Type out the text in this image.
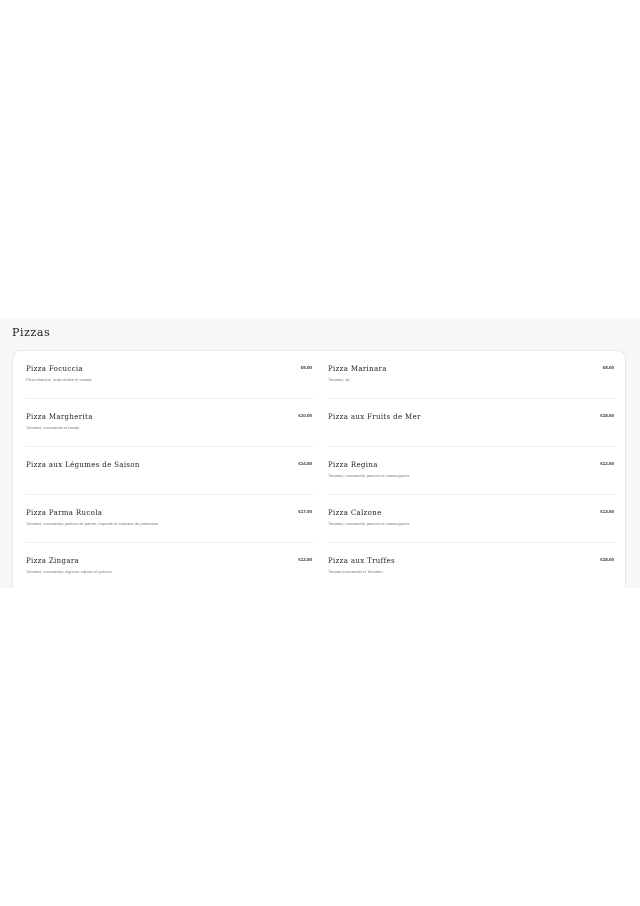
Pizzas
Pizza Focuccia
Pizza blanche, huile d'olive et tomate
€6.00 Pizza Marinara
Tomates, ail
€8.00
Pizza Margherita
Tomates, mozzarella et basilic
€10.00 Pizza aux Fruits de Mer	€18.50
Pizza aux Légumes de Saison	€14.50 Pizza Regina
Tomates, mozzarella, jambon et champignons
€12.50
Pizza Parma Rucola
Tomates, mozzarella, jambon de parme, roquette et copeaux de parmesan
€17.00 Pizza Calzone
Tomates, mozzarella, jambon et champignons
€13.50
Pizza Zingara
Tomates, mozzarella, oignons, câpres et poivron
€12.50 Pizza aux Truffes
Tomate,mozzarella et Tartufato
€18.00
